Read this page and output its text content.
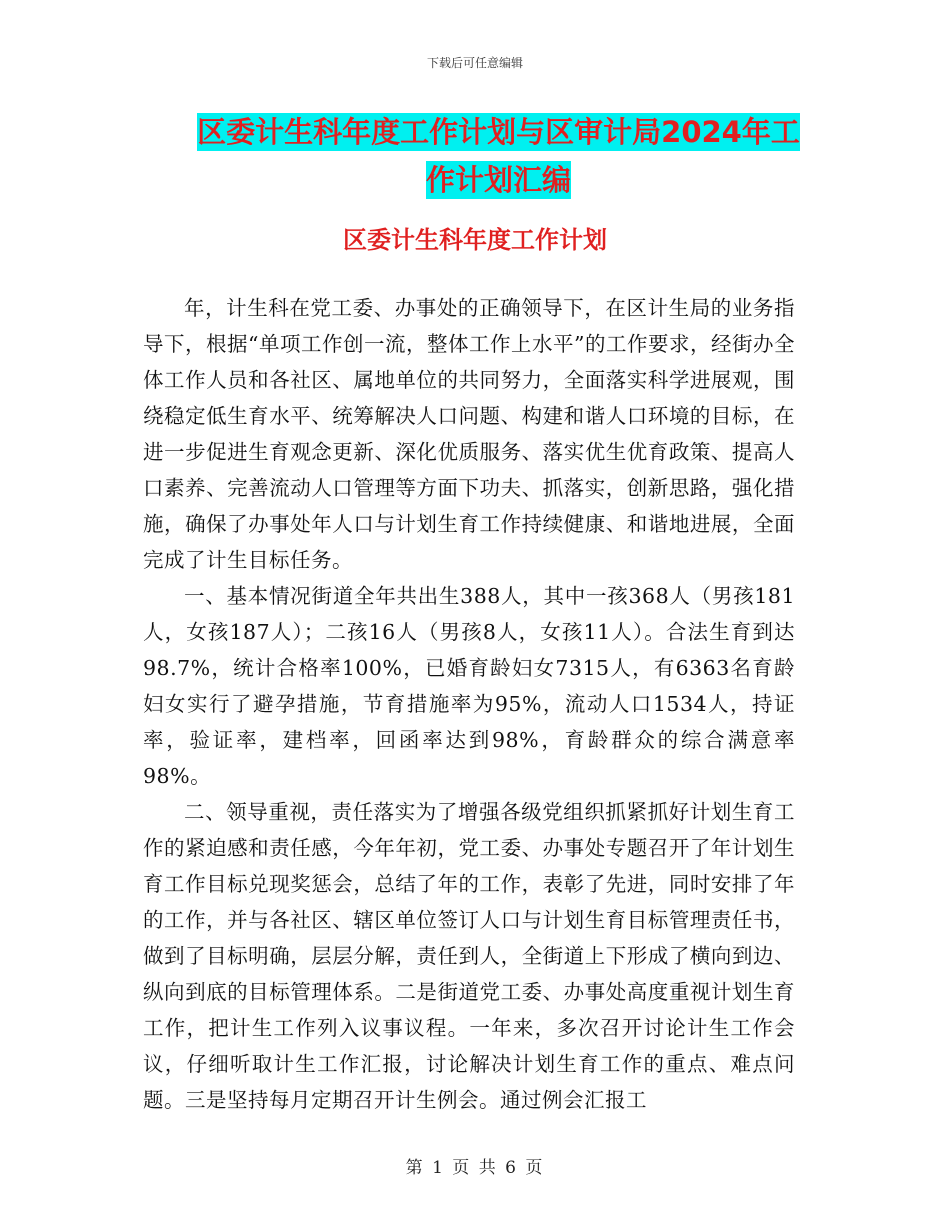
下载后可任意编辑
区委计生科年度工作计划与区审计局2024年工作计划汇编
区委计生科年度工作计划

年，计生科在党工委、办事处的正确领导下，在区计生局的业务指导下，根据“单项工作创一流，整体工作上水平”的工作要求，经街办全体工作人员和各社区、属地单位的共同努力，全面落实科学进展观，围绕稳定低生育水平、统筹解决人口问题、构建和谐人口环境的目标，在进一步促进生育观念更新、深化优质服务、落实优生优育政策、提高人口素养、完善流动人口管理等方面下功夫、抓落实，创新思路，强化措施，确保了办事处年人口与计划生育工作持续健康、和谐地进展，全面完成了计生目标任务。

一、基本情况街道全年共出生388人，其中一孩368人（男孩181人，女孩187人）；二孩16人（男孩8人，女孩11人）。合法生育到达98.7%，统计合格率100%，已婚育龄妇女7315人，有6363名育龄妇女实行了避孕措施，节育措施率为95%，流动人口1534人，持证率，验证率，建档率，回函率达到98%，育龄群众的综合满意率98%。

二、领导重视，责任落实为了增强各级党组织抓紧抓好计划生育工作的紧迫感和责任感，今年年初，党工委、办事处专题召开了年计划生育工作目标兑现奖惩会，总结了年的工作，表彰了先进，同时安排了年的工作，并与各社区、辖区单位签订人口与计划生育目标管理责任书，做到了目标明确，层层分解，责任到人，全街道上下形成了横向到边、纵向到底的目标管理体系。二是街道党工委、办事处高度重视计划生育工作，把计生工作列入议事议程。一年来，多次召开讨论计生工作会议，仔细听取计生工作汇报，讨论解决计划生育工作的重点、难点问题。三是坚持每月定期召开计生例会。通过例会汇报工

第 1 页 共 6 页
